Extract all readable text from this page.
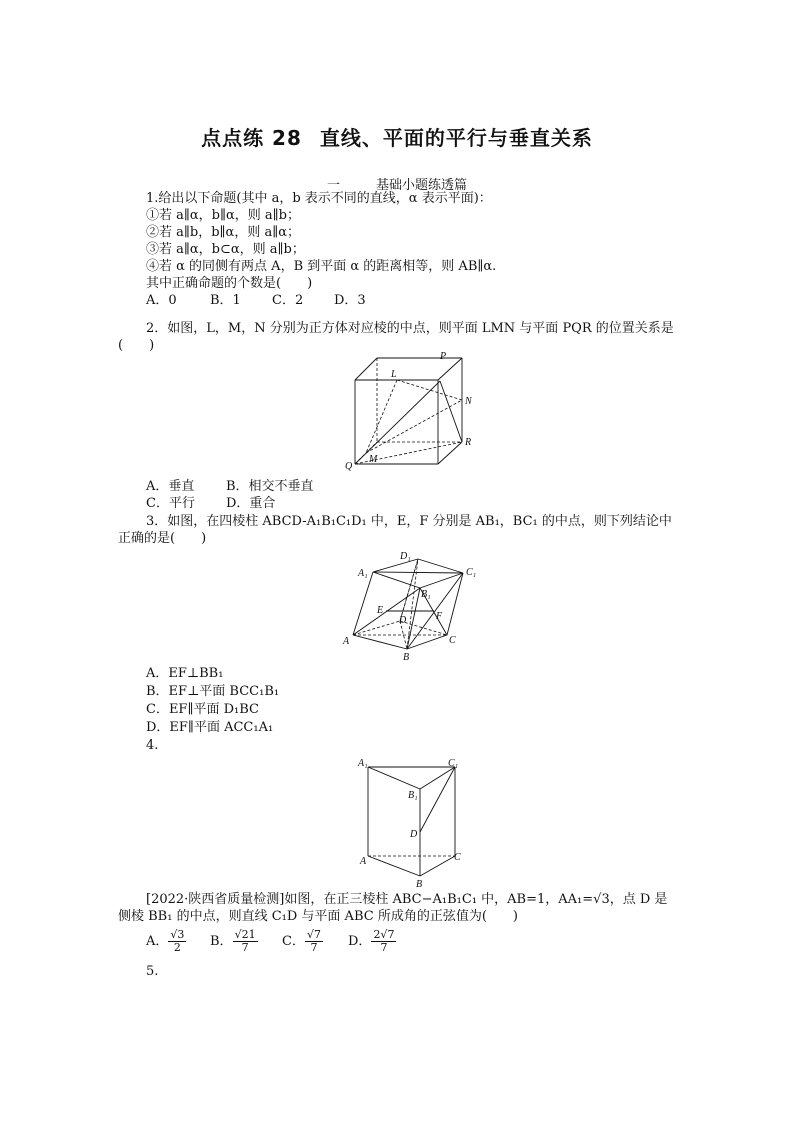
点点练 28 直线、平面的平行与垂直关系
一	基础小题练透篇
1.给出以下命题(其中 a，b 表示不同的直线，α 表示平面)：
①若 a∥α，b∥α，则 a∥b；
②若 a∥b，b∥α，则 a∥α；
③若 a∥α，b⊂α，则 a∥b；
④若 α 的同侧有两点 A，B 到平面 α 的距离相等，则 AB∥α.
其中正确命题的个数是(　　)
A．0	B．1 C．2 D．3
2．如图，L，M，N 分别为正方体对应棱的中点，则平面 LMN 与平面 PQR 的位置关系是(　　)
L
P
N
R
Q
M
A．垂直 B．相交不垂直
C．平行 D．重合
3．如图，在四棱柱 ABCD-A₁B₁C₁D₁ 中，E，F 分别是 AB₁，BC₁ 的中点，则下列结论中正确的是(　　)
D₁
A₁	C₁
B₁
E
D	F
A	C
B
A．EF⊥BB₁
B．EF⊥平面 BCC₁B₁
C．EF∥平面 D₁BC
D．EF∥平面 ACC₁A₁
4.
A₁	C₁
B₁
D
A	C
B
[2022·陕西省质量检测]如图，在正三棱柱 ABC−A₁B₁C₁ 中，AB=1，AA₁=√3，点 D 是侧棱 BB₁ 的中点，则直线 C₁D 与平面 ABC 所成角的正弦值为(　　)
A． $\frac{√3}{2}$ B． $\frac{√21}{7}$ C． $\frac{√7}{7}$ D． $\frac{2√7}{7}$
5.
